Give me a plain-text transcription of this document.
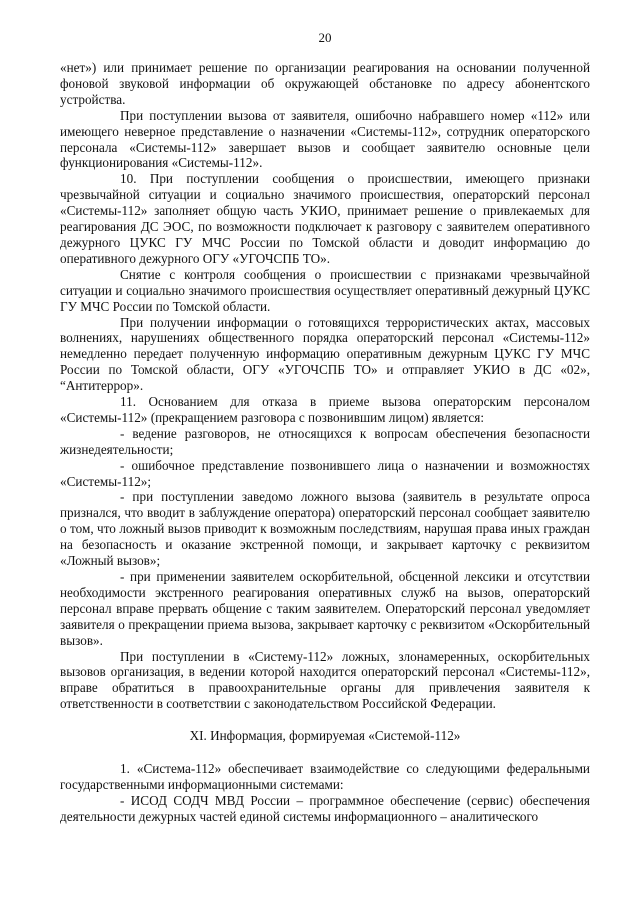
20

«нет») или принимает решение по организации реагирования на основании полученной фоновой звуковой информации об окружающей обстановке по адресу абонентского устройства.

При поступлении вызова от заявителя, ошибочно набравшего номер «112» или имеющего неверное представление о назначении «Системы-112», сотрудник операторского персонала «Системы-112» завершает вызов и сообщает заявителю основные цели функционирования «Системы-112».

10. При поступлении сообщения о происшествии, имеющего признаки чрезвычайной ситуации и социально значимого происшествия, операторский персонал «Системы-112» заполняет общую часть УКИО, принимает решение о привлекаемых для реагирования ДС ЭОС, по возможности подключает к разговору с заявителем оперативного дежурного ЦУКС ГУ МЧС России по Томской области и доводит информацию до оперативного дежурного ОГУ «УГОЧСПБ ТО».

Снятие с контроля сообщения о происшествии с признаками чрезвычайной ситуации и социально значимого происшествия осуществляет оперативный дежурный ЦУКС ГУ МЧС России по Томской области.

При получении информации о готовящихся террористических актах, массовых волнениях, нарушениях общественного порядка операторский персонал «Системы-112» немедленно передает полученную информацию оперативным дежурным ЦУКС ГУ МЧС России по Томской области, ОГУ «УГОЧСПБ ТО» и отправляет УКИО в ДС «02», “Антитеррор».

11. Основанием для отказа в приеме вызова операторским персоналом «Системы-112» (прекращением разговора с позвонившим лицом) является:

- ведение разговоров, не относящихся к вопросам обеспечения безопасности жизнедеятельности;

- ошибочное представление позвонившего лица о назначении и возможностях «Системы-112»;

- при поступлении заведомо ложного вызова (заявитель в результате опроса признался, что вводит в заблуждение оператора) операторский персонал сообщает заявителю о том, что ложный вызов приводит к возможным последствиям, нарушая права иных граждан на безопасность и оказание экстренной помощи, и закрывает карточку с реквизитом «Ложный вызов»;

- при применении заявителем оскорбительной, обсценной лексики и отсутствии необходимости экстренного реагирования оперативных служб на вызов, операторский персонал вправе прервать общение с таким заявителем. Операторский персонал уведомляет заявителя о прекращении приема вызова, закрывает карточку с реквизитом «Оскорбительный вызов».

При поступлении в «Систему-112» ложных, злонамеренных, оскорбительных вызовов организация, в ведении которой находится операторский персонал «Системы-112», вправе обратиться в правоохранительные органы для привлечения заявителя к ответственности в соответствии с законодательством Российской Федерации.

XI. Информация, формируемая «Системой-112»

1. «Система-112» обеспечивает взаимодействие со следующими федеральными государственными информационными системами:

- ИСОД СОДЧ МВД России – программное обеспечение (сервис) обеспечения деятельности дежурных частей единой системы информационного – аналитического
